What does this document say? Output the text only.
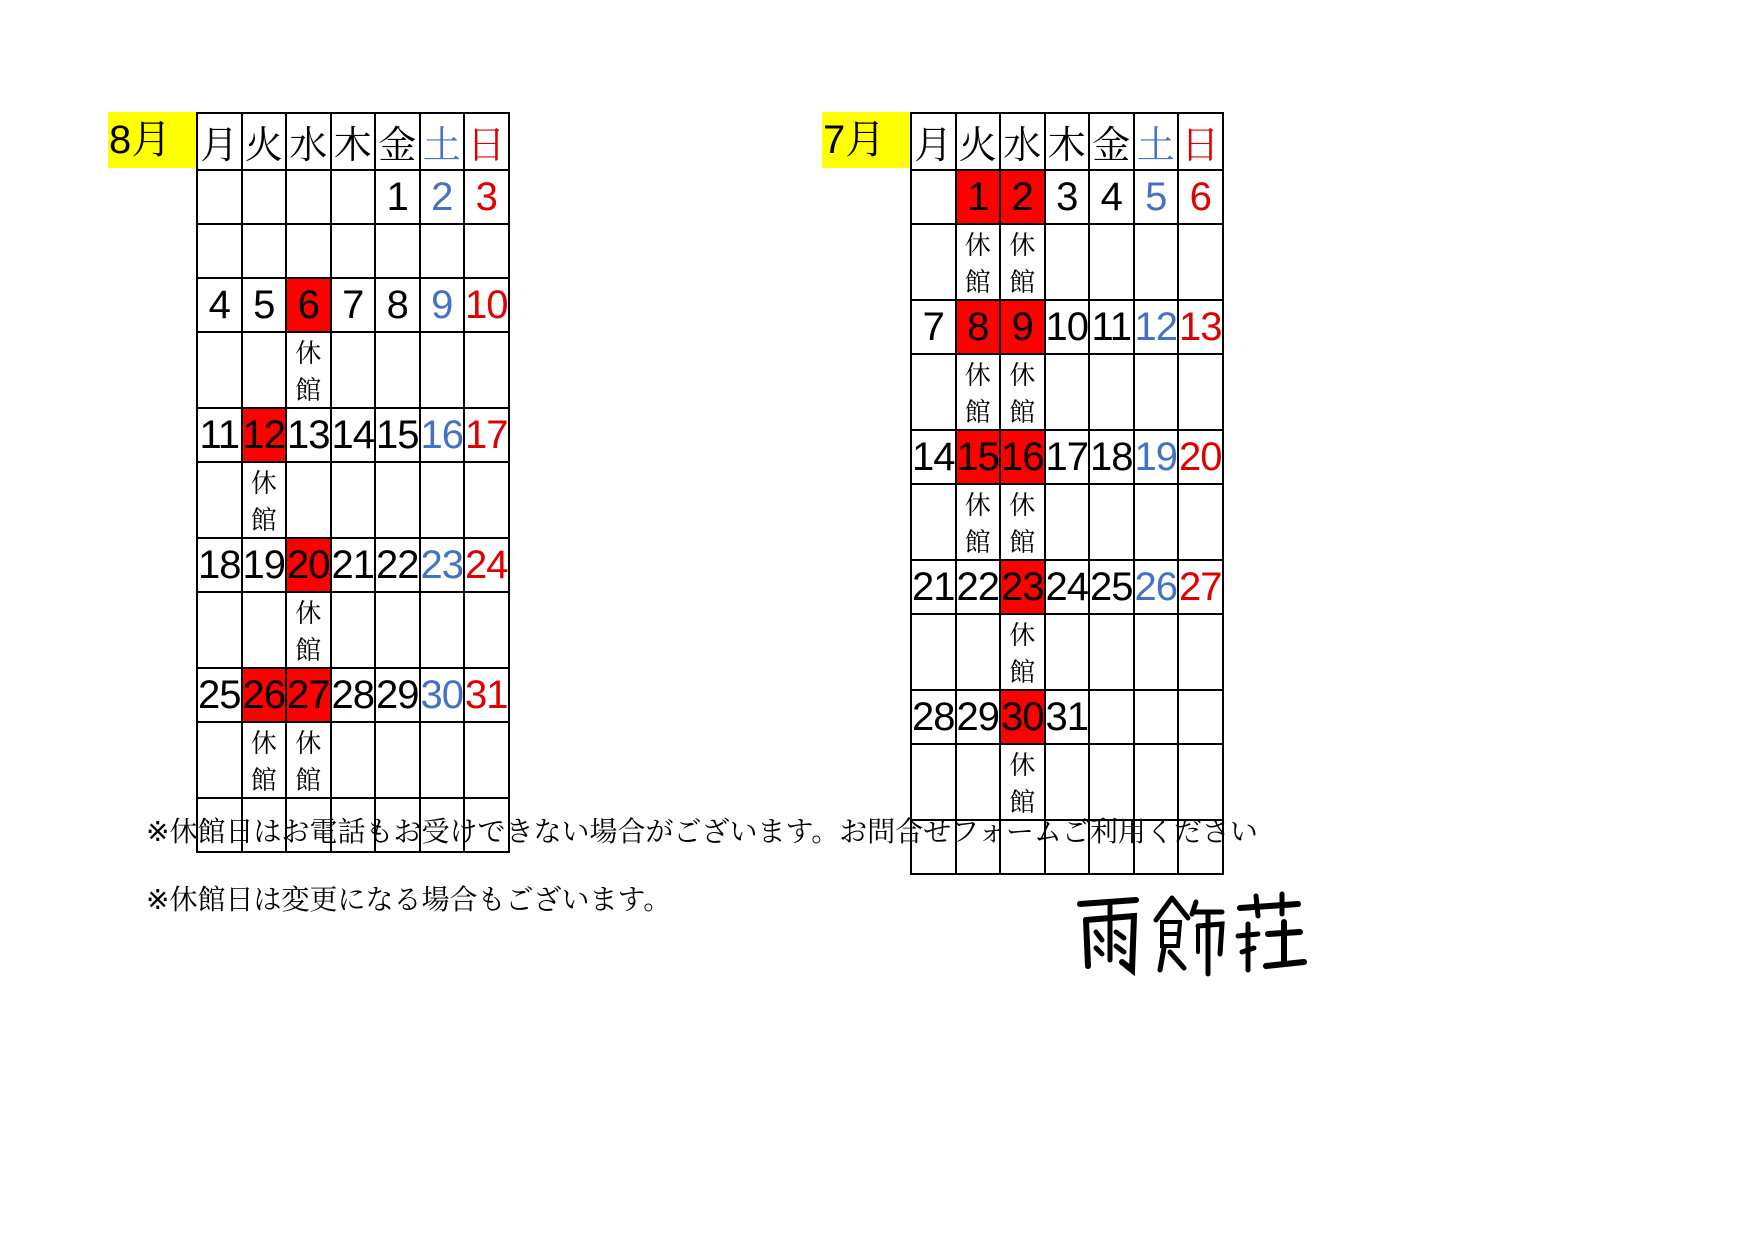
8月 月	火	水	木	金	土	日
				1	2	3

4	5	6	7	8	9	10
		休館				
11	12	13	14	15	16	17
	休館					
18	19	20	21	22	23	24
		休館				
25	26	27	28	29	30	31
	休館	休館				

7月 月	火	水	木	金	土	日
	1	2	3	4	5	6
	休館	休館				
7	8	9	10	11	12	13
	休館	休館				
14	15	16	17	18	19	20
	休館	休館				
21	22	23	24	25	26	27
		休館				
28	29	30	31			
		休館				

※休館日はお電話もお受けできない場合がございます。お問合せフォームご利用ください
※休館日は変更になる場合もございます。
